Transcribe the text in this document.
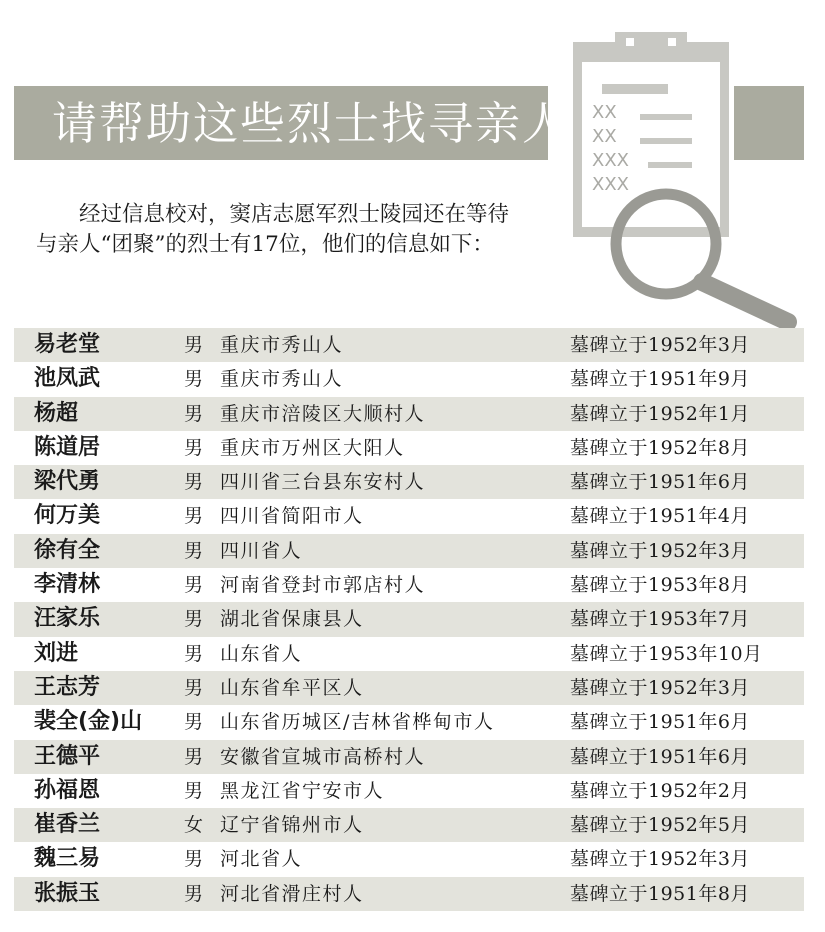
请帮助这些烈士找寻亲人 XX
XX
XXX
XXX

经过信息校对，窦店志愿军烈士陵园还在等待与亲人“团聚”的烈士有17位，他们的信息如下：

易老堂	男 重庆市秀山人	墓碑立于1952年3月
池凤武	男 重庆市秀山人	墓碑立于1951年9月
杨超	男 重庆市涪陵区大顺村人	墓碑立于1952年1月
陈道居	男 重庆市万州区大阳人	墓碑立于1952年8月
梁代勇	男 四川省三台县东安村人	墓碑立于1951年6月
何万美	男 四川省简阳市人	墓碑立于1951年4月
徐有全	男 四川省人	墓碑立于1952年3月
李清林	男 河南省登封市郭店村人	墓碑立于1953年8月
汪家乐	男 湖北省保康县人	墓碑立于1953年7月
刘进	男 山东省人	墓碑立于1953年10月
王志芳	男 山东省牟平区人	墓碑立于1952年3月
裴全(金)山 男 山东省历城区/吉林省桦甸市人	墓碑立于1951年6月
王德平	男 安徽省宣城市高桥村人	墓碑立于1951年6月
孙福恩	男 黑龙江省宁安市人	墓碑立于1952年2月
崔香兰	女 辽宁省锦州市人	墓碑立于1952年5月
魏三易	男 河北省人	墓碑立于1952年3月
张振玉	男 河北省滑庄村人	墓碑立于1951年8月
